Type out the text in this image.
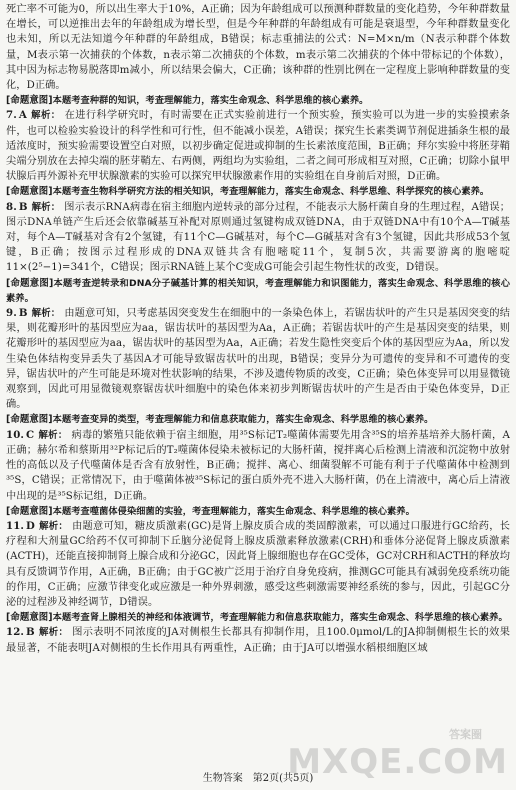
死亡率不可能为0，所以出生率大于10%，A正确；因为年龄组成可以预测种群数量的变化趋势，今年种群数量在增长，可以逆推出去年的年龄组成为增长型，但是今年种群的年龄组成有可能是衰退型，今年种群数量变化也未知，所以无法知道今年种群的年龄组成，B错误；标志重捕法的公式：N=M×n/m（N表示种群个体数量，M表示第一次捕获的个体数，n表示第二次捕获的个体数，m表示第二次捕获的个体中带标记的个体数），其中因为标志物易脱落即m减小，所以结果会偏大，C正确；该种群的性别比例在一定程度上影响种群数量的变化，D正确。

[命题意图]本题考查种群的知识，考查理解能力，落实生命观念、科学思维的核心素养。

7. A 解析： 在进行科学研究时，有时需要在正式实验前进行一个预实验，预实验可以为进一步的实验摸索条件，也可以检验实验设计的科学性和可行性，但不能减小误差，A错误；探究生长素类调节剂促进插条生根的最适浓度时，预实验需要设置空白对照，以初步确定促进或抑制的生长素浓度范围，B正确；拜尔实验中将胚芽鞘尖端分别放在去掉尖端的胚芽鞘左、右两侧，两组均为实验组，二者之间可形成相互对照，C正确；切除小鼠甲状腺后再外源补充甲状腺激素的实验可以探究甲状腺激素作用的实验组在自身前后对照，D正确。

[命题意图]本题考查生物科学研究方法的相关知识，考查理解能力，落实生命观念、科学思维、科学探究的核心素养。

8. B 解析： 图示表示RNA病毒在宿主细胞内逆转录的部分过程，不能表示大肠杆菌自身的生理过程，A错误；图示DNA单链产生后还会依靠碱基互补配对原则通过氢键构成双链DNA，由于双链DNA中有10个A—T碱基对，每个A—T碱基对含有2个氢键，有11个C—G碱基对，每个C—G碱基对含有3个氢键，因此共形成53个氢键，B正确；按图示过程形成的DNA双链共含有胞嘧啶11个，复制5次，共需要游离的胞嘧啶11×(2⁵−1)=341个，C错误；图示RNA链上某个C变成G可能会引起生物性状的改变，D错误。

[命题意图]本题考查逆转录和DNA分子碱基计算的相关知识，考查理解能力和识图能力，落实生命观念、科学思维的核心素养。

9. B 解析： 由题意可知，只考虑基因突变发生在细胞中的一条染色体上，若锯齿状叶的产生只是基因突变的结果，则花瓣形叶的基因型应为aa，锯齿状叶的基因型为Aa，A正确；若锯齿状叶的产生是基因突变的结果，则花瓣形叶的基因型应为aa，锯齿状叶的基因型为Aa，A正确；若发生隐性突变后个体的基因型应为Aa，所以发生染色体结构变异丢失了基因A才可能导致锯齿状叶的出现，B错误；变异分为可遗传的变异和不可遗传的变异，锯齿状叶的产生可能是环境对性状影响的结果，不涉及遗传物质的改变，C正确；染色体变异可以用显微镜观察到，因此可用显微镜观察锯齿状叶细胞中的染色体来初步判断锯齿状叶的产生是否由于染色体变异，D正确。

[命题意图]本题考查变异的类型，考查理解能力和信息获取能力，落实生命观念、科学思维的核心素养。

10. C 解析： 病毒的繁殖只能依赖于宿主细胞，用³⁵S标记T₂噬菌体需要先用含³⁵S的培养基培养大肠杆菌，A正确；赫尔希和蔡斯用³²P标记后的T₂噬菌体侵染未被标记的大肠杆菌，搅拌离心后检测上清液和沉淀物中放射性的高低以及子代噬菌体是否含有放射性，B正确；搅拌、离心、细菌裂解不可能有利于子代噬菌体中检测到³⁵S，C错误；正常情况下，由于噬菌体被³⁵S标记的蛋白质外壳不进入大肠杆菌，仍在上清液中，离心后上清液中出现的是³⁵S标记组，D正确。

[命题意图]本题考查噬菌体侵染细菌的实验，考查理解能力，落实生命观念、科学思维的核心素养。

11. D 解析： 由题意可知，糖皮质激素(GC)是肾上腺皮质合成的类固醇激素，可以通过口服进行GC给药，长疗程和大剂量GC给药不仅可抑制下丘脑分泌促肾上腺皮质激素释放激素(CRH)和垂体分泌促肾上腺皮质激素(ACTH)，还能直接抑制肾上腺合成和分泌GC，因此肾上腺细胞也存在GC受体，GC对CRH和ACTH的释放均具有反馈调节作用，A正确，B正确；由于GC被广泛用于治疗自身免疫病，推测GC可能具有减弱免疫系统功能的作用，C正确；应激节律变化或应激是一种外界刺激，感受这些刺激需要神经系统的参与，因此，引起GC分泌的过程涉及神经调节，D错误。

[命题意图]本题考查肾上腺相关的神经和体液调节，考查理解能力和信息获取能力，落实生命观念、科学思维的核心素养。

12. B 解析： 图示表明不同浓度的JA对侧根生长都具有抑制作用，且100.0μmol/L的JA抑制侧根生长的效果最显著，不能表明JA对侧根的生长作用具有两重性，A正确；由于JA可以增强水稻根细胞区域

答案圈
MXQE.COM
生物答案　第2页(共5页)
